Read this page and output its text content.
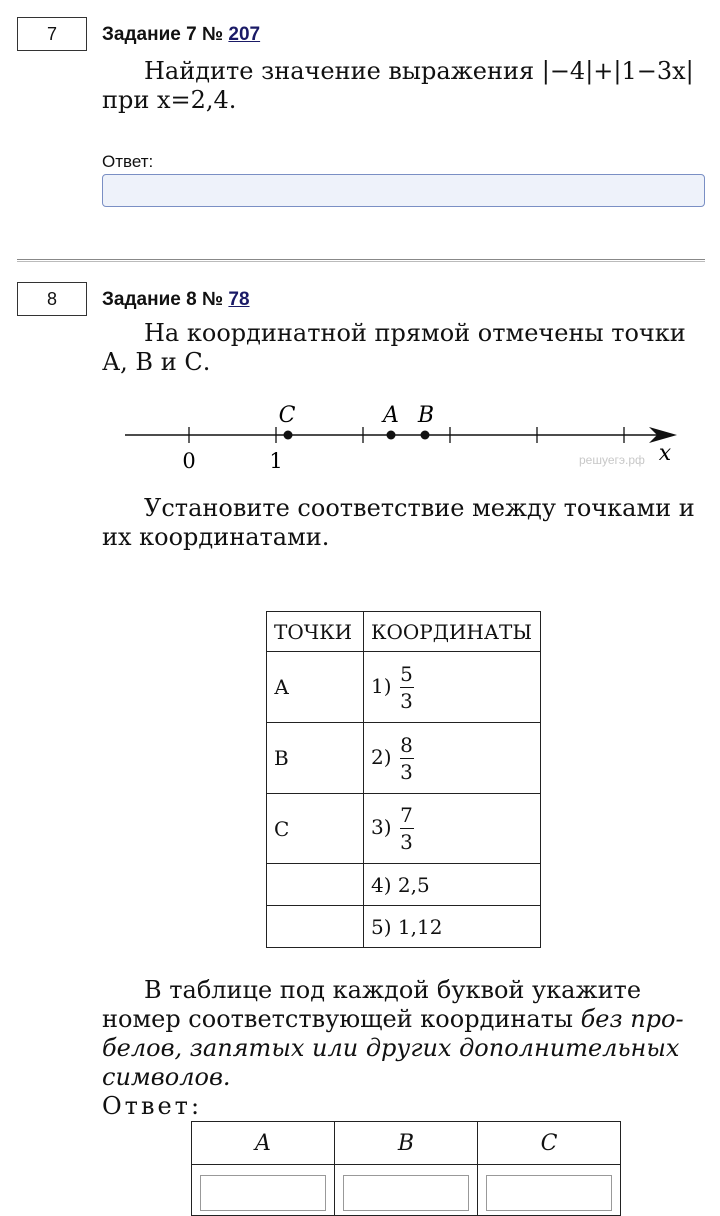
7 Задание 7 № 207
Найдите значение выражения |−4|+|1−3x|
при x=2,4.
Ответ:
8 Задание 8 № 78
На координатной прямой отмечены точки А, В и С.
C	A B
0	1	x
решуегэ.рф
Установите соответствие между точками и их координатами.
ТОЧКИ	КООРДИНАТЫ
А	$1) \frac{5}{3}$

В	$2) \frac{8}{3}$

С	$3) \frac{7}{3}$

	4) 2,5
	5) 1,12
В таблице под каждой буквой укажите номер соответствующей координаты без про-белов, запятых или других дополнительных символов.
Ответ:
A	B	C
